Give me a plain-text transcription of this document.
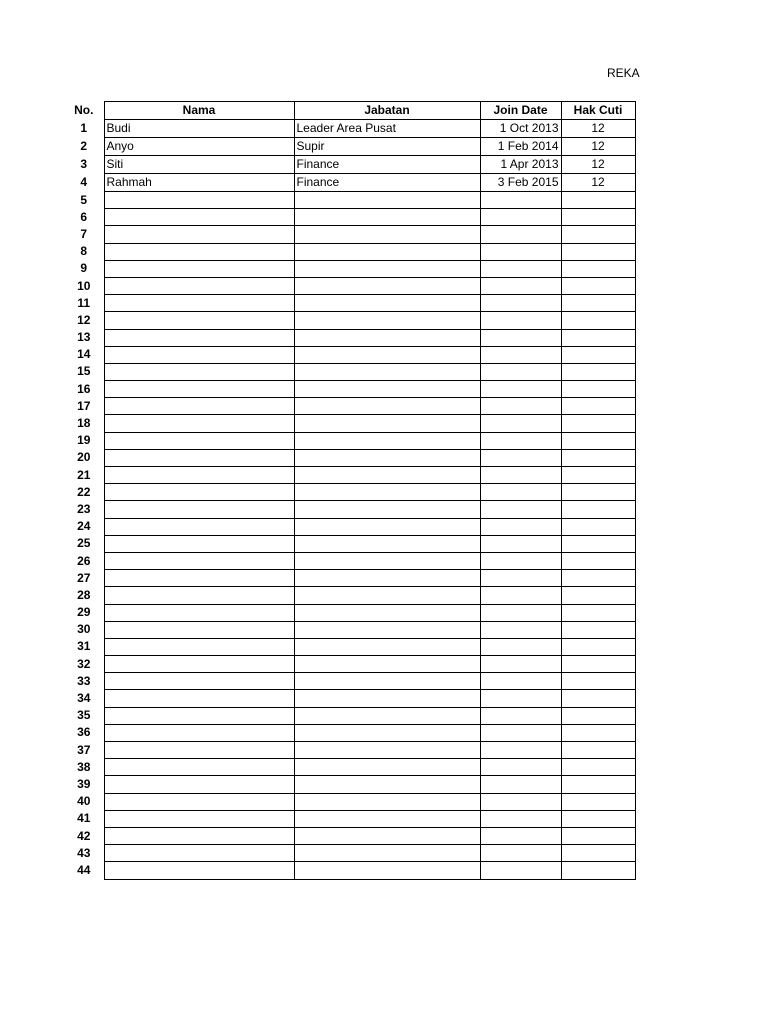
REKA
No.	Nama	Jabatan	Join Date	Hak Cuti
1	Budi	Leader Area Pusat	1 Oct 2013	12
2	Anyo	Supir	1 Feb 2014	12
3	Siti	Finance	1 Apr 2013	12
4	Rahmah	Finance	3 Feb 2015	12
5				
6				
7				
8				
9				
10				
11				
12				
13				
14				
15				
16				
17				
18				
19				
20				
21				
22				
23				
24				
25				
26				
27				
28				
29				
30				
31				
32				
33				
34				
35				
36				
37				
38				
39				
40				
41				
42				
43				
44				
